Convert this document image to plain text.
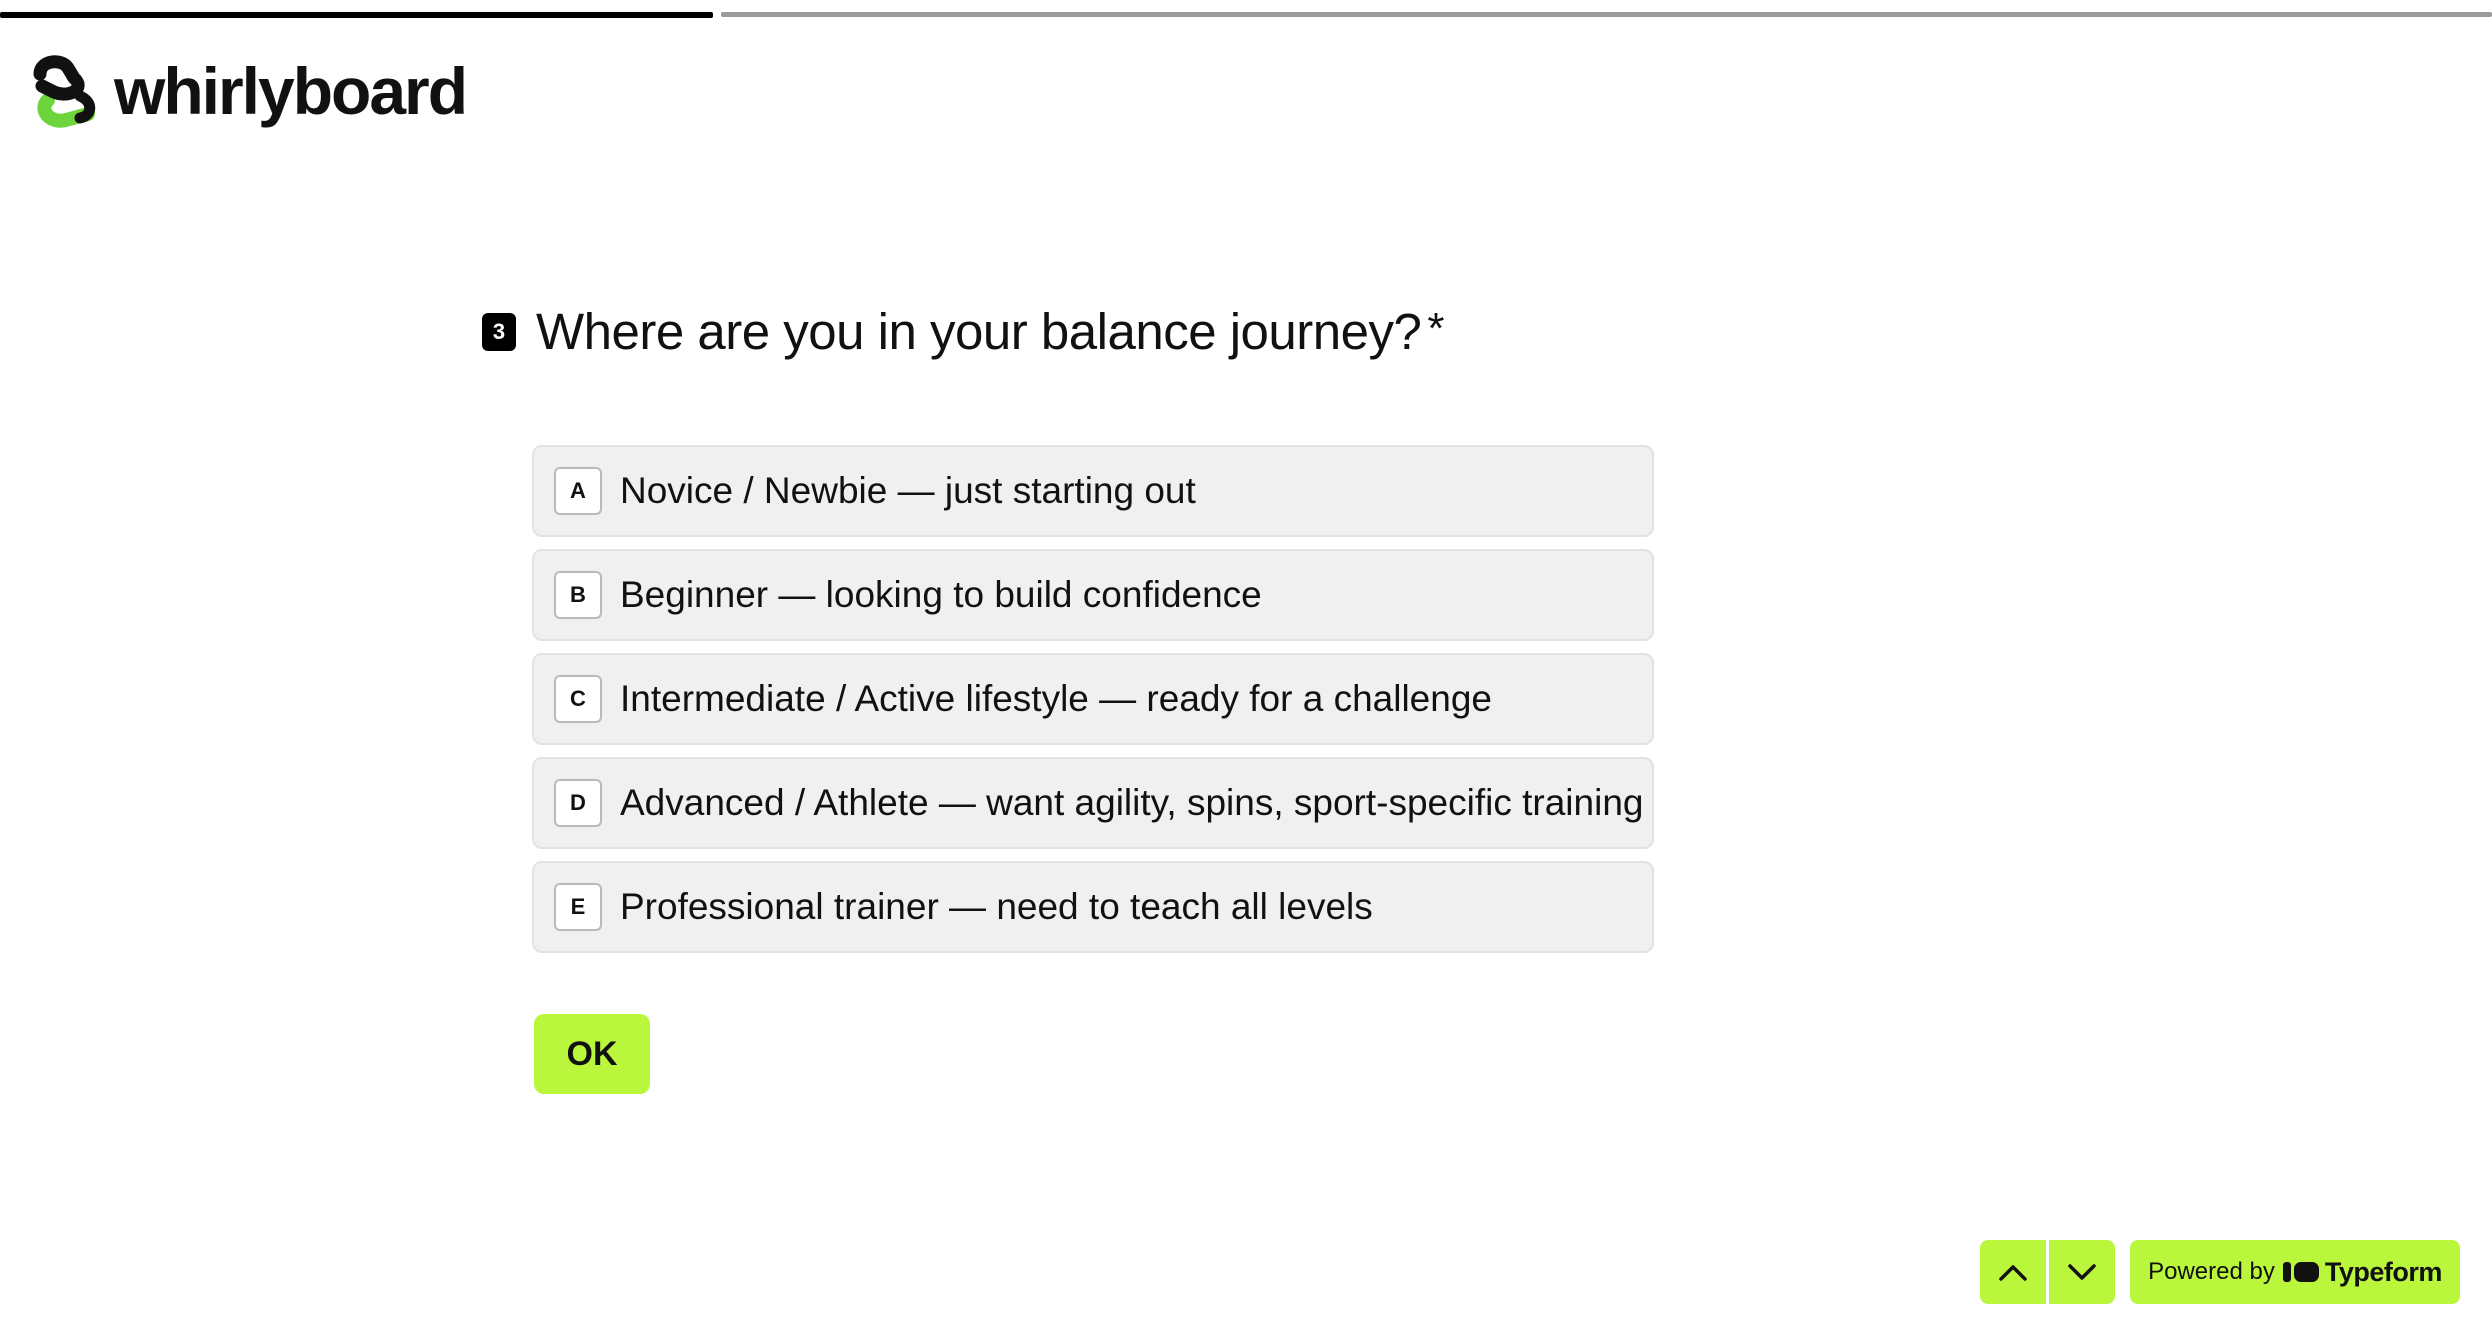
whirlyboard
3 Where are you in your balance journey? *
A Novice / Newbie — just starting out
B Beginner — looking to build confidence
C Intermediate / Active lifestyle — ready for a challenge
D Advanced / Athlete — want agility, spins, sport-specific training
E Professional trainer — need to teach all levels
OK
Powered by Typeform
